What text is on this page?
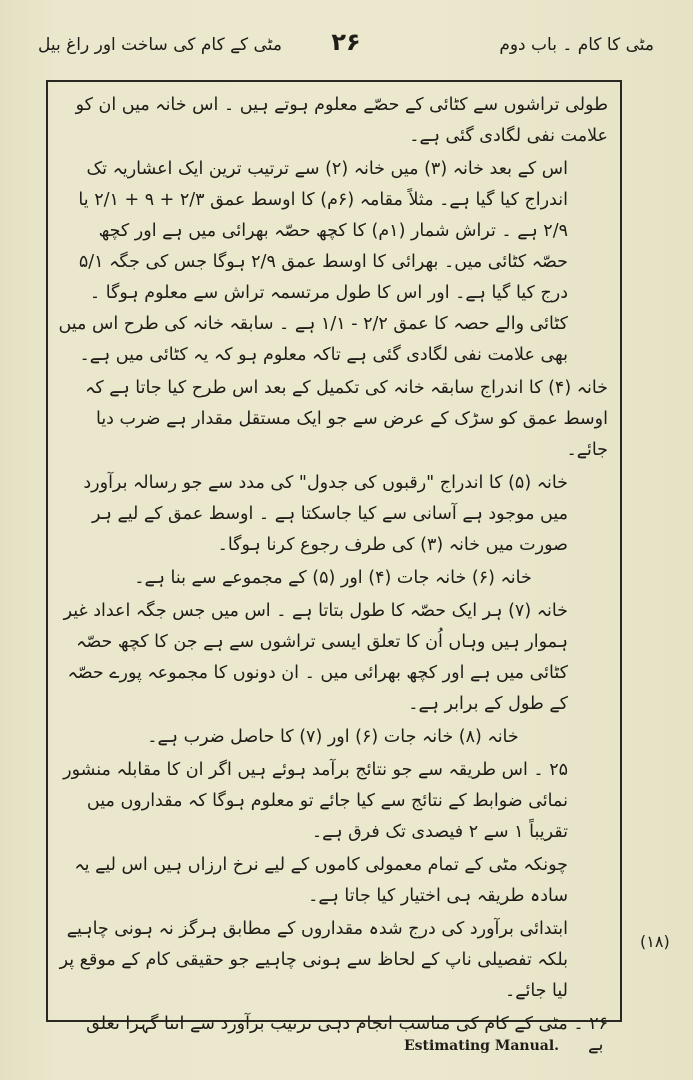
مٹی کے کام کی ساخت اور راغ بیل	۲۶	مٹی کا کام ۔ باب دوم

طولی تراشوں سے کٹائی کے حصّے معلوم ہوتے ہیں ۔ اس خانہ میں ان کو علامت نفی لگادی گئی ہے۔

اس کے بعد خانہ (۳) میں خانہ (۲) سے ترتیب ترین ایک اعشاریہ تک اندراج کیا گیا ہے۔ مثلاً مقامہ (۶م) کا اوسط عمق ۲/۳ + ۹ + ۲/۱ یا ۲/۹ ہے ۔ تراش شمار (۱م) کا کچھ حصّہ بھرائی میں ہے اور کچھ حصّہ کٹائی میں۔ بھرائی کا اوسط عمق ۲/۹ ہوگا جس کی جگہ ۵/۱ درج کیا گیا ہے۔ اور اس کا طول مرتسمہ تراش سے معلوم ہوگا ۔ کٹائی والے حصہ کا عمق ۲/۲ - ۱/۱ ہے ۔ سابقہ خانہ کی طرح اس میں بھی علامت نفی لگادی گئی ہے تاکہ معلوم ہو کہ یہ کٹائی میں ہے۔

خانہ (۴) کا اندراج سابقہ خانہ کی تکمیل کے بعد اس طرح کیا جاتا ہے کہ اوسط عمق کو سڑک کے عرض سے جو ایک مستقل مقدار ہے ضرب دیا جائے۔

خانہ (۵) کا اندراج "رقبوں کی جدول" کی مدد سے جو رسالہ برآورد میں موجود ہے آسانی سے کیا جاسکتا ہے ۔ اوسط عمق کے لیے ہر صورت میں خانہ (۳) کی طرف رجوع کرنا ہوگا۔

خانہ (۶) خانہ جات (۴) اور (۵) کے مجموعے سے بنا ہے۔

خانہ (۷) ہر ایک حصّہ کا طول بتاتا ہے ۔ اس میں جس جگہ اعداد غیر ہموار ہیں وہاں اُن کا تعلق ایسی تراشوں سے ہے جن کا کچھ حصّہ کٹائی میں ہے اور کچھ بھرائی میں ۔ ان دونوں کا مجموعہ پورے حصّہ کے طول کے برابر ہے۔

خانہ (۸) خانہ جات (۶) اور (۷) کا حاصل ضرب ہے۔

۲۵ ۔ اس طریقہ سے جو نتائج برآمد ہوئے ہیں اگر ان کا مقابلہ منشور نمائی ضوابط کے نتائج سے کیا جائے تو معلوم ہوگا کہ مقداروں میں تقریباً ۱ سے ۲ فیصدی تک فرق ہے۔

چونکہ مٹی کے تمام معمولی کاموں کے لیے نرخ ارزاں ہیں اس لیے یہ سادہ طریقہ ہی اختیار کیا جاتا ہے۔

ابتدائی برآورد کی درج شدہ مقداروں کے مطابق ہرگز نہ ہونی چاہیے بلکہ تفصیلی ناپ کے لحاظ سے ہونی چاہیے جو حقیقی کام کے موقع پر لیا جائے۔

۲۶ ۔ مٹی کے کام کی مناسب انجام دہی ترتیب برآورد سے اتنا گہرا تعلق

(۱۸)
Estimating Manual. بے
